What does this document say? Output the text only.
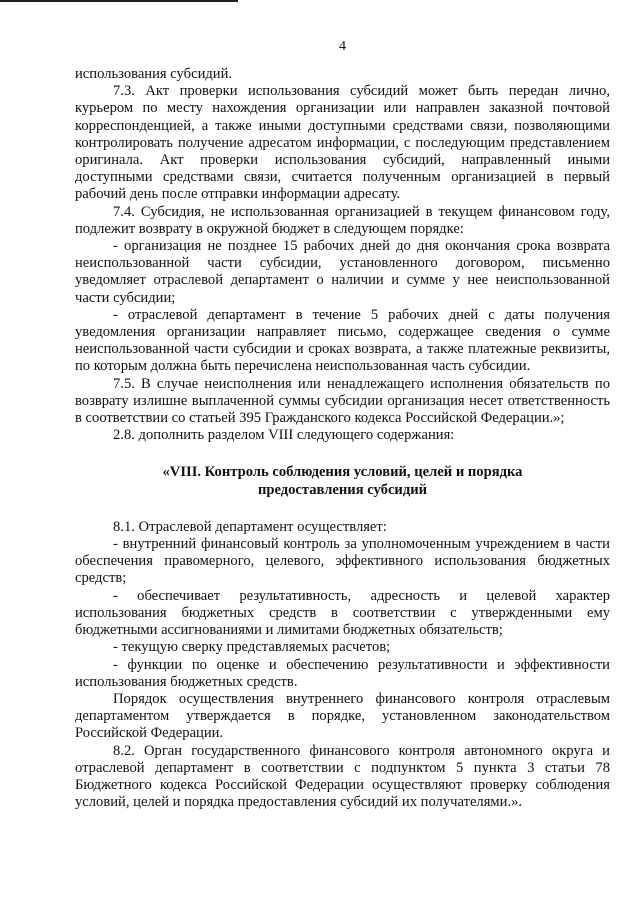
4

использования субсидий.

7.3. Акт проверки использования субсидий может быть передан лично, курьером по месту нахождения организации или направлен заказной почтовой корреспонденцией, а также иными доступными средствами связи, позволяющими контролировать получение адресатом информации, с последующим представлением оригинала. Акт проверки использования субсидий, направленный иными доступными средствами связи, считается полученным организацией в первый рабочий день после отправки информации адресату.

7.4. Субсидия, не использованная организацией в текущем финансовом году, подлежит возврату в окружной бюджет в следующем порядке:

- организация не позднее 15 рабочих дней до дня окончания срока возврата неиспользованной части субсидии, установленного договором, письменно уведомляет отраслевой департамент о наличии и сумме у нее неиспользованной части субсидии;

- отраслевой департамент в течение 5 рабочих дней с даты получения уведомления организации направляет письмо, содержащее сведения о сумме неиспользованной части субсидии и сроках возврата, а также платежные реквизиты, по которым должна быть перечислена неиспользованная часть субсидии.

7.5. В случае неисполнения или ненадлежащего исполнения обязательств по возврату излишне выплаченной суммы субсидии организация несет ответственность в соответствии со статьей 395 Гражданского кодекса Российской Федерации.»;

2.8. дополнить разделом VIII следующего содержания:

«VIII. Контроль соблюдения условий, целей и порядка
предоставления субсидий

8.1. Отраслевой департамент осуществляет:

- внутренний финансовый контроль за уполномоченным учреждением в части обеспечения правомерного, целевого, эффективного использования бюджетных средств;

- обеспечивает результативность, адресность и целевой характер использования бюджетных средств в соответствии с утвержденными ему бюджетными ассигнованиями и лимитами бюджетных обязательств;

- текущую сверку представляемых расчетов;

- функции по оценке и обеспечению результативности и эффективности использования бюджетных средств.

Порядок осуществления внутреннего финансового контроля отраслевым департаментом утверждается в порядке, установленном законодательством Российской Федерации.

8.2. Орган государственного финансового контроля автономного округа и отраслевой департамент в соответствии с подпунктом 5 пункта 3 статьи 78 Бюджетного кодекса Российской Федерации осуществляют проверку соблюдения условий, целей и порядка предоставления субсидий их получателями.».
